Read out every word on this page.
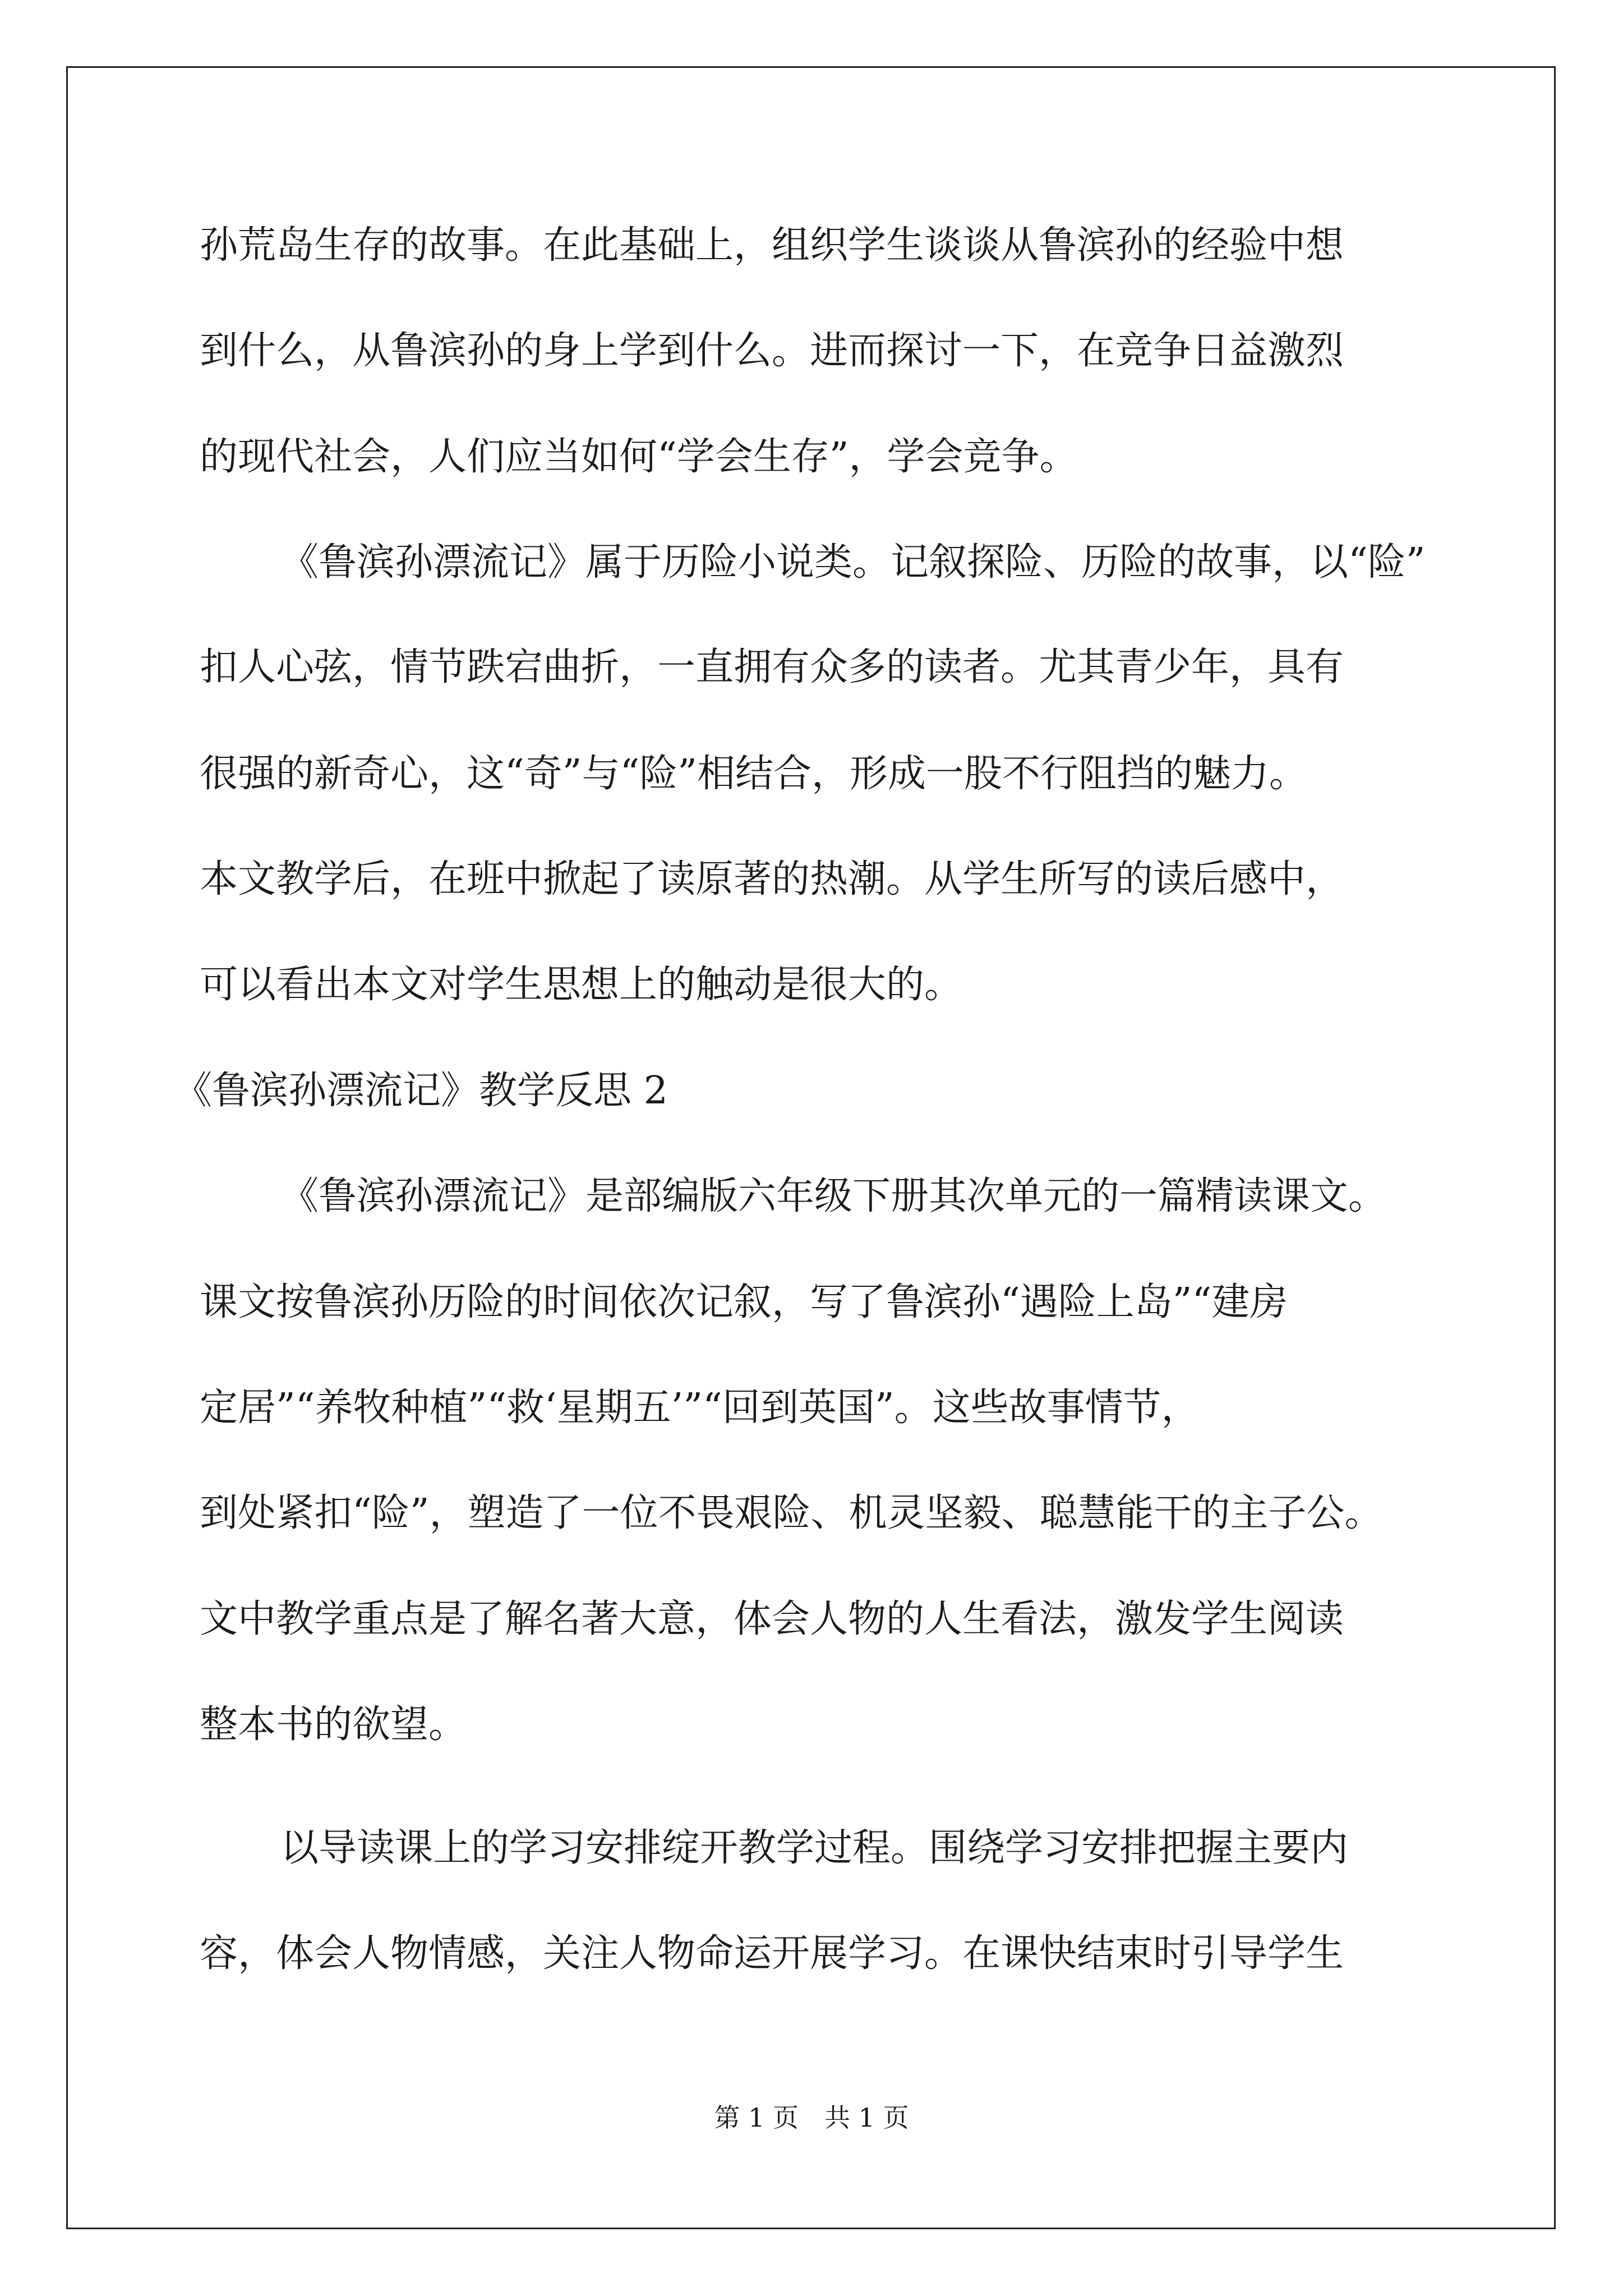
孙荒岛生存的故事。在此基础上，组织学生谈谈从鲁滨孙的经验中想
到什么，从鲁滨孙的身上学到什么。进而探讨一下，在竞争日益激烈
的现代社会，人们应当如何“学会生存”，学会竞争。
《鲁滨孙漂流记》属于历险小说类。记叙探险、历险的故事，以“险”
扣人心弦，情节跌宕曲折，一直拥有众多的读者。尤其青少年，具有
很强的新奇心，这“奇”与“险”相结合，形成一股不行阻挡的魅力。
本文教学后，在班中掀起了读原著的热潮。从学生所写的读后感中，
可以看出本文对学生思想上的触动是很大的。
《鲁滨孙漂流记》教学反思 2
《鲁滨孙漂流记》是部编版六年级下册其次单元的一篇精读课文。
课文按鲁滨孙历险的时间依次记叙，写了鲁滨孙“遇险上岛”“建房
定居”“养牧种植”“救‘星期五’”“回到英国”。这些故事情节，
到处紧扣“险”，塑造了一位不畏艰险、机灵坚毅、聪慧能干的主子公。
文中教学重点是了解名著大意，体会人物的人生看法，激发学生阅读
整本书的欲望。
以导读课上的学习安排绽开教学过程。围绕学习安排把握主要内
容，体会人物情感，关注人物命运开展学习。在课快结束时引导学生
第 1 页　共 1 页
